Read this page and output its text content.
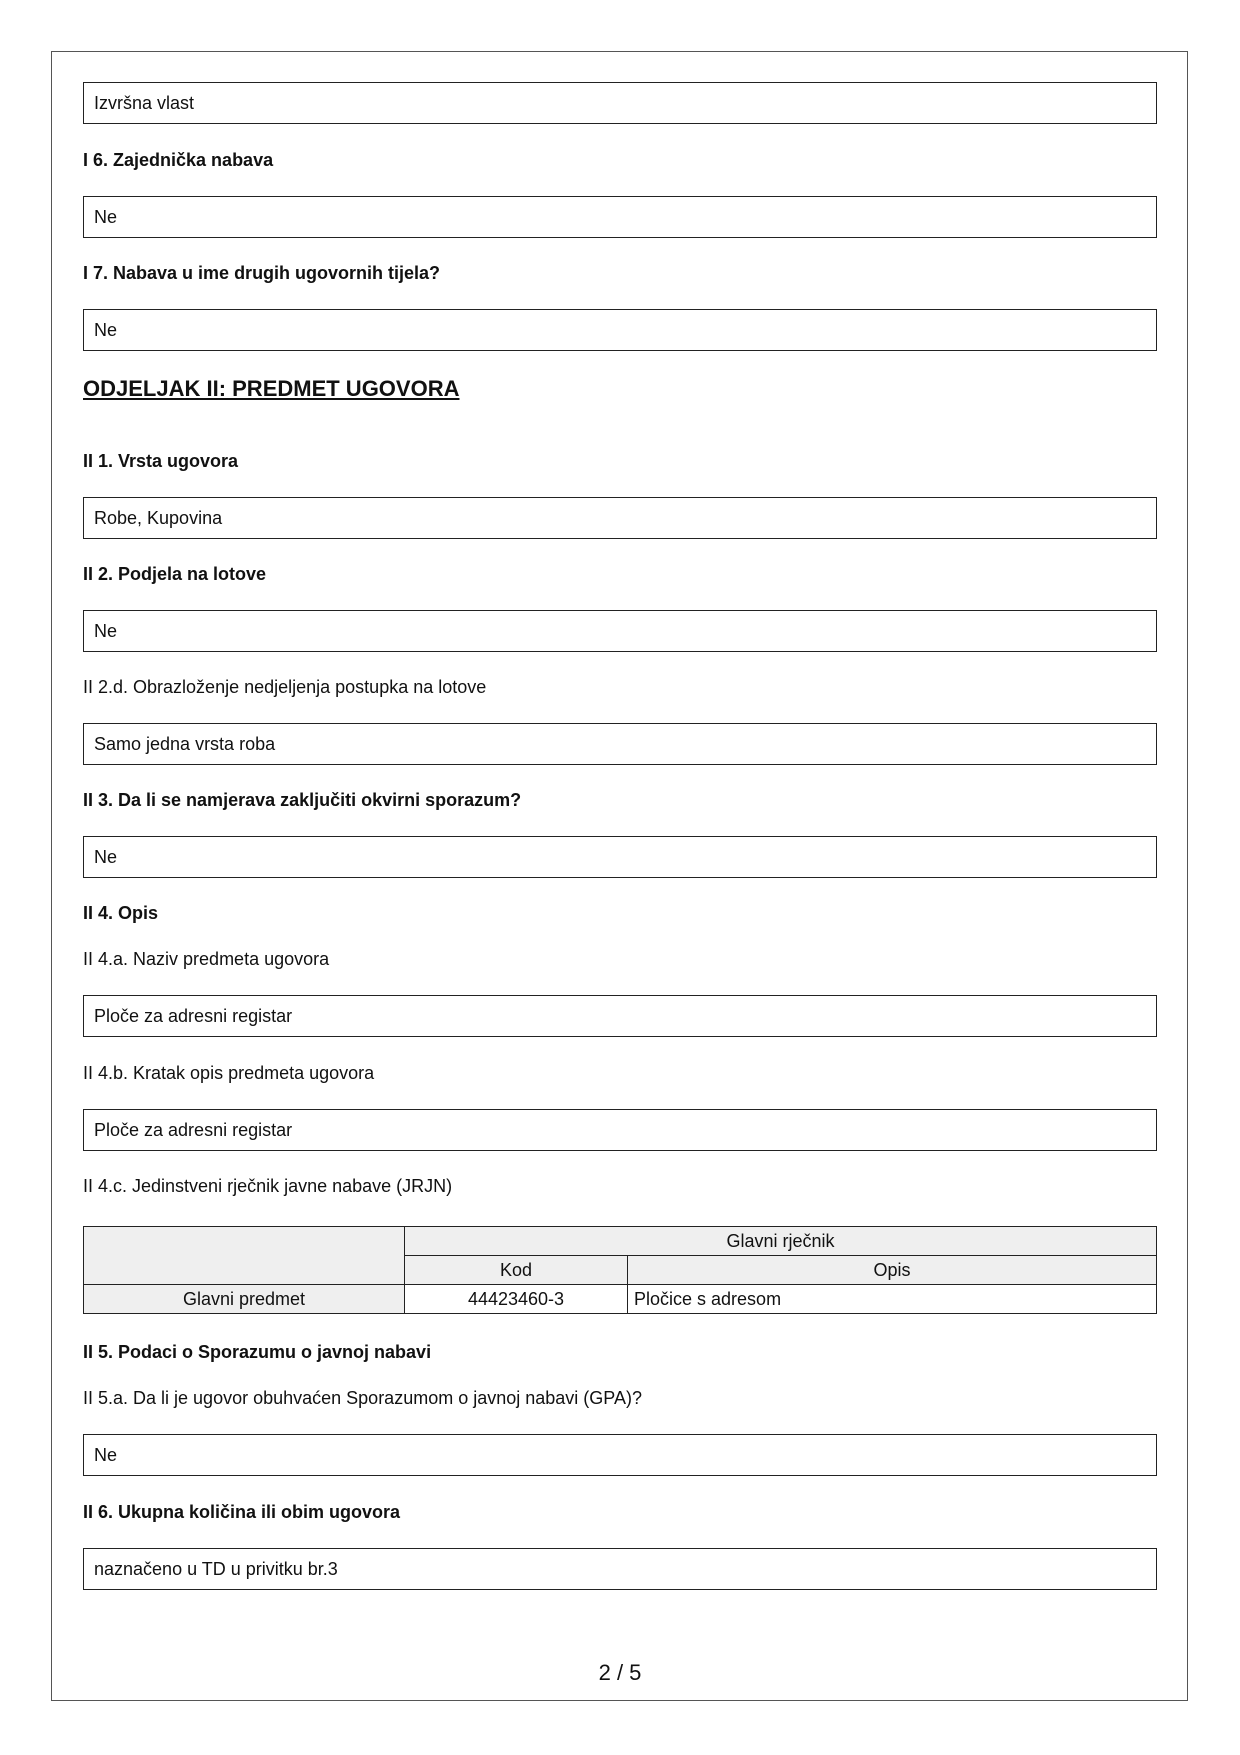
Izvršna vlast
I 6. Zajednička nabava
Ne
I 7. Nabava u ime drugih ugovornih tijela?
Ne
ODJELJAK II: PREDMET UGOVORA
II 1. Vrsta ugovora
Robe, Kupovina
II 2. Podjela na lotove
Ne
II 2.d. Obrazloženje nedjeljenja postupka na lotove
Samo jedna vrsta roba
II 3. Da li se namjerava zaključiti okvirni sporazum?
Ne
II 4. Opis
II 4.a. Naziv predmeta ugovora
Ploče za adresni registar
II 4.b. Kratak opis predmeta ugovora
Ploče za adresni registar
II 4.c. Jedinstveni rječnik javne nabave (JRJN)
	Glavni rječnik	
	Kod	Opis
Glavni predmet	44423460-3	Pločice s adresom
II 5. Podaci o Sporazumu o javnoj nabavi
II 5.a. Da li je ugovor obuhvaćen Sporazumom o javnoj nabavi (GPA)?
Ne
II 6. Ukupna količina ili obim ugovora
naznačeno u TD u privitku br.3
2 / 5
